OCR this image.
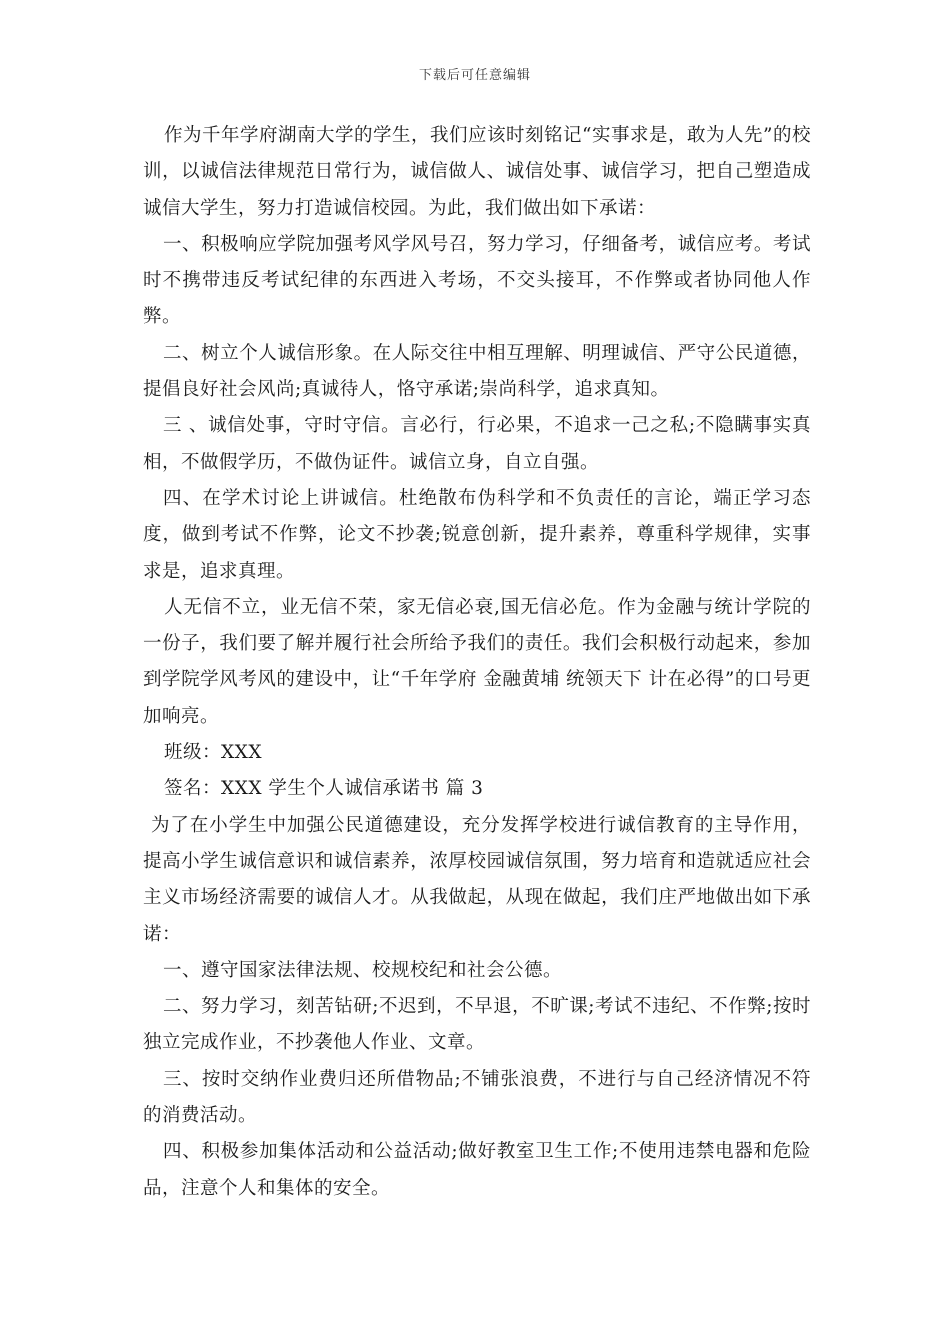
下载后可任意编辑

作为千年学府湖南大学的学生，我们应该时刻铭记“实事求是，敢为人先”的校训，以诚信法律规范日常行为，诚信做人、诚信处事、诚信学习，把自己塑造成诚信大学生，努力打造诚信校园。为此，我们做出如下承诺：

一、积极响应学院加强考风学风号召，努力学习，仔细备考，诚信应考。考试时不携带违反考试纪律的东西进入考场，不交头接耳，不作弊或者协同他人作弊。

二、树立个人诚信形象。在人际交往中相互理解、明理诚信、严守公民道德，提倡良好社会风尚;真诚待人，恪守承诺;崇尚科学，追求真知。

三 、诚信处事，守时守信。言必行，行必果，不追求一己之私;不隐瞒事实真相，不做假学历，不做伪证件。诚信立身，自立自强。

四、在学术讨论上讲诚信。杜绝散布伪科学和不负责任的言论，端正学习态度，做到考试不作弊，论文不抄袭;锐意创新，提升素养，尊重科学规律，实事求是，追求真理。

人无信不立，业无信不荣，家无信必衰,国无信必危。作为金融与统计学院的一份子，我们要了解并履行社会所给予我们的责任。我们会积极行动起来，参加到学院学风考风的建设中，让“千年学府 金融黄埔 统领天下 计在必得”的口号更加响亮。

班级：XXX

签名：XXX 学生个人诚信承诺书 篇 3

为了在小学生中加强公民道德建设，充分发挥学校进行诚信教育的主导作用，提高小学生诚信意识和诚信素养，浓厚校园诚信氛围，努力培育和造就适应社会主义市场经济需要的诚信人才。从我做起，从现在做起，我们庄严地做出如下承诺：

一、遵守国家法律法规、校规校纪和社会公德。

二、努力学习，刻苦钻研;不迟到，不早退，不旷课;考试不违纪、不作弊;按时独立完成作业，不抄袭他人作业、文章。

三、按时交纳作业费归还所借物品;不铺张浪费，不进行与自己经济情况不符的消费活动。

四、积极参加集体活动和公益活动;做好教室卫生工作;不使用违禁电器和危险品，注意个人和集体的安全。
